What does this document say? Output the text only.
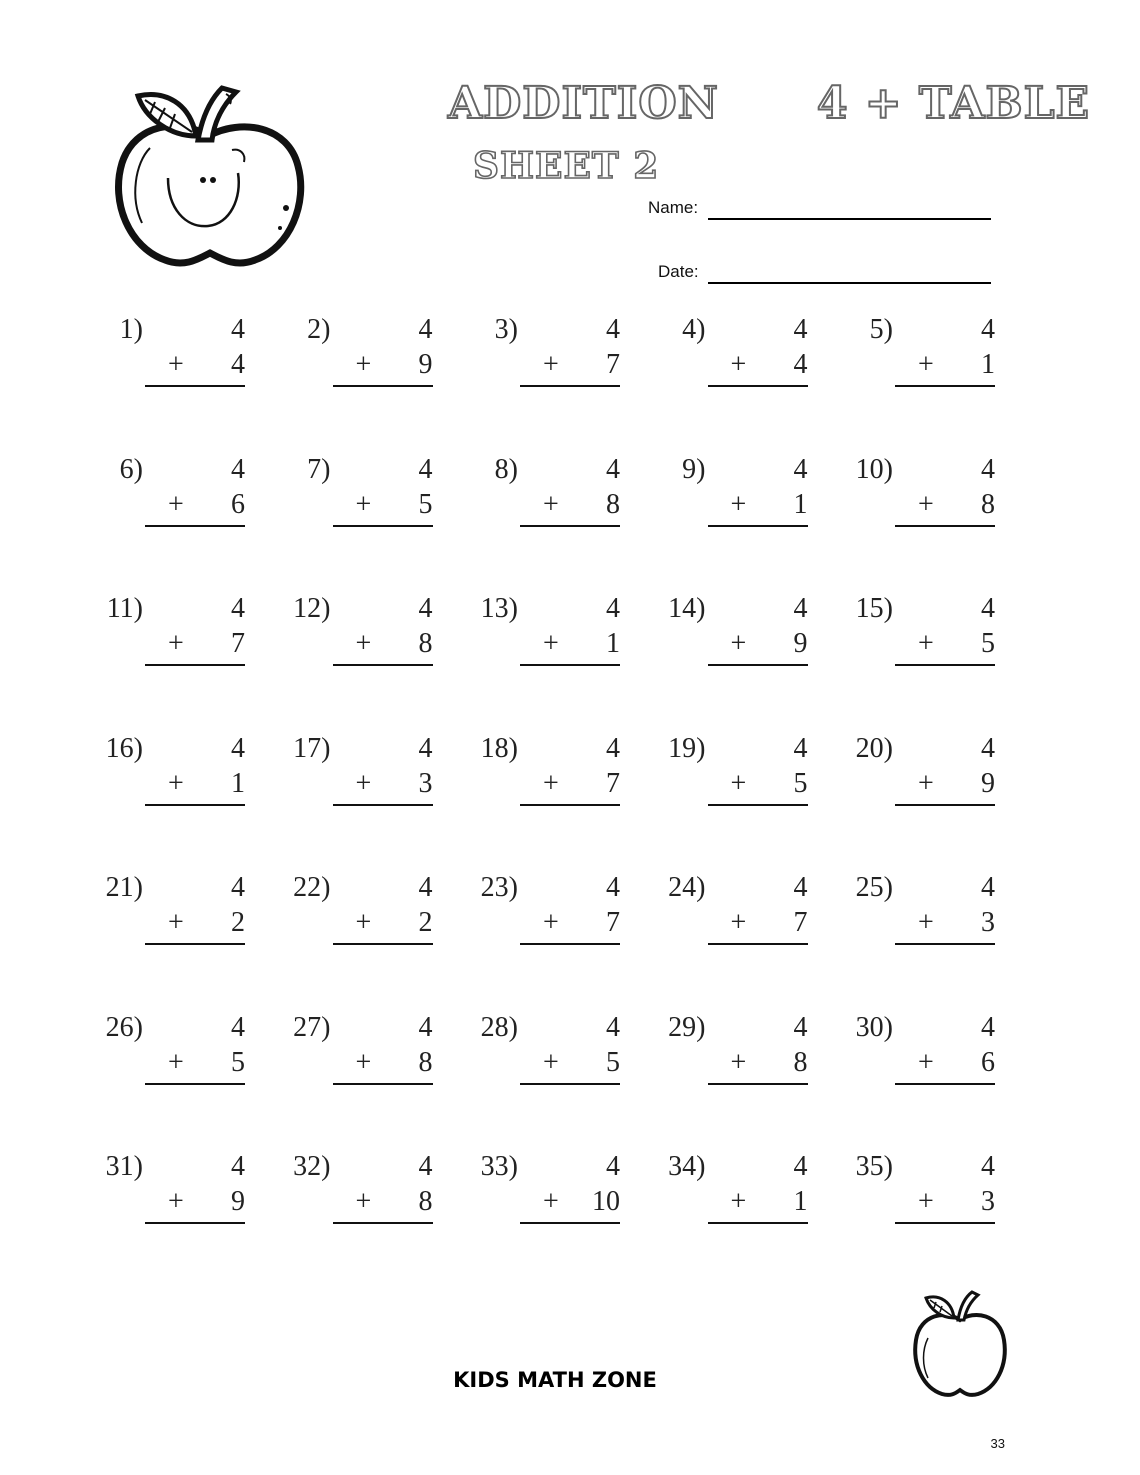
ADDITION      4 + TABLE
SHEET 2
Name:
Date:
1)	4
+	4
2)	4
+	9
3)	4
+	7
4)	4
+	4
5)	4
+	1
6)	4
+	6
7)	4
+	5
8)	4
+	8
9)	4
+	1
10)	4
+	8
11)	4
+	7
12)	4
+	8
13)	4
+	1
14)	4
+	9
15)	4
+	5
16)	4
+	1
17)	4
+	3
18)	4
+	7
19)	4
+	5
20)	4
+	9
21)	4
+	2
22)	4
+	2
23)	4
+	7
24)	4
+	7
25)	4
+	3
26)	4
+	5
27)	4
+	8
28)	4
+	5
29)	4
+	8
30)	4
+	6
31)	4
+	9
32)	4
+	8
33)	4
+	10
34)	4
+	1
35)	4
+	3
KIDS MATH ZONE
33
